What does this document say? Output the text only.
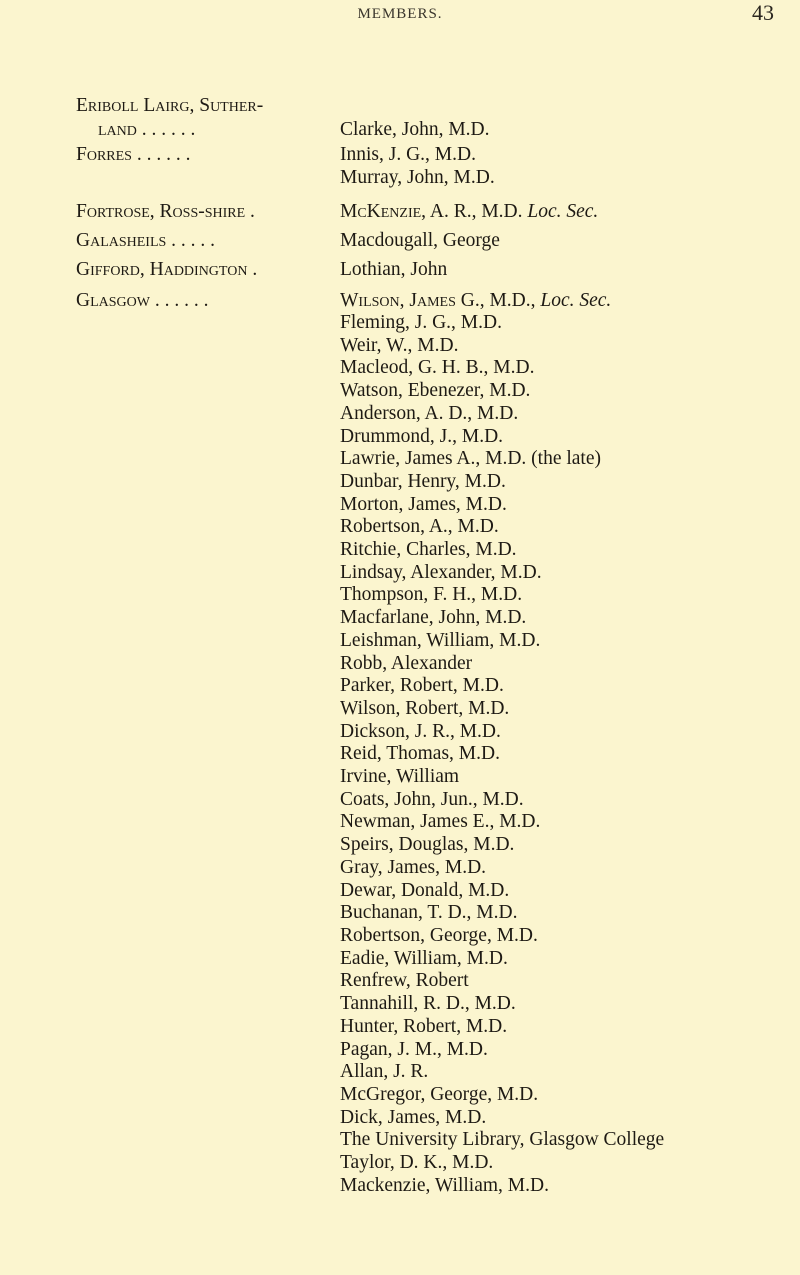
MEMBERS.	43
Eriboll Lairg, Suther-
land . . . . . .	Clarke, John, M.D.
Forres . . . . . .	Innis, J. G., M.D.
Murray, John, M.D.
Fortrose, Ross-shire .	McKenzie, A. R., M.D. Loc. Sec.
Galasheils . . . . .	Macdougall, George
Gifford, Haddington .	Lothian, John
Glasgow . . . . . .	Wilson, James G., M.D., Loc. Sec.
Fleming, J. G., M.D.
Weir, W., M.D.
Macleod, G. H. B., M.D.
Watson, Ebenezer, M.D.
Anderson, A. D., M.D.
Drummond, J., M.D.
Lawrie, James A., M.D. (the late)
Dunbar, Henry, M.D.
Morton, James, M.D.
Robertson, A., M.D.
Ritchie, Charles, M.D.
Lindsay, Alexander, M.D.
Thompson, F. H., M.D.
Macfarlane, John, M.D.
Leishman, William, M.D.
Robb, Alexander
Parker, Robert, M.D.
Wilson, Robert, M.D.
Dickson, J. R., M.D.
Reid, Thomas, M.D.
Irvine, William
Coats, John, Jun., M.D.
Newman, James E., M.D.
Speirs, Douglas, M.D.
Gray, James, M.D.
Dewar, Donald, M.D.
Buchanan, T. D., M.D.
Robertson, George, M.D.
Eadie, William, M.D.
Renfrew, Robert
Tannahill, R. D., M.D.
Hunter, Robert, M.D.
Pagan, J. M., M.D.
Allan, J. R.
McGregor, George, M.D.
Dick, James, M.D.
The University Library, Glasgow College
Taylor, D. K., M.D.
Mackenzie, William, M.D.
